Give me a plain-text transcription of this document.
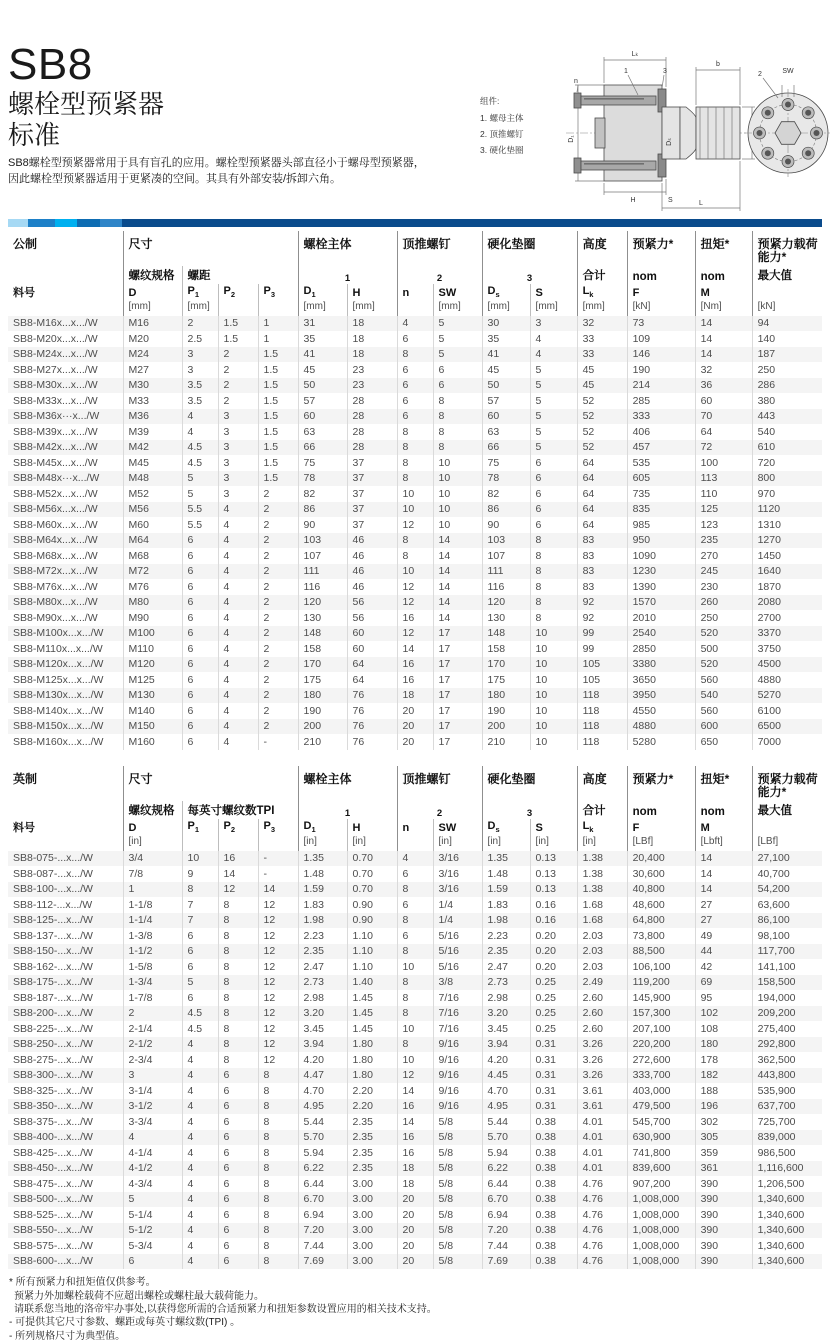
SB8
螺栓型预紧器
标准
SB8螺栓型预紧器常用于具有盲孔的应用。螺栓型预紧器头部直径小于螺母型预紧器，
因此螺栓型预紧器适用于更紧凑的空间。其具有外部安装/拆卸六角。
组件:
1. 螺母主体
2. 顶推螺钉
3. 硬化垫圈
D₁
Lₖ
b
1	3
n
Dₛ
H	S	L
2	SW
公制	尺寸				螺栓主体		顶推螺钉		硬化垫圈		高度	预紧力*	扭矩*	预紧力载荷能力*
	螺纹规格	螺距			1		2		3		合计	nom	nom	最大值
料号	D	$P_1$	$P_2$	$P_3$	$D_1$	H	n	SW	$D_s$	S	$L_k$	F	M	
	[mm]	[mm]			[mm]	[mm]		[mm]	[mm]	[mm]	[mm]	[kN]	[Nm]	[kN]
SB8-M16x...x.../W	M16	2	1.5	1	31	18	4	5	30	3	32	73	14	94
SB8-M20x...x.../W	M20	2.5	1.5	1	35	18	6	5	35	4	33	109	14	140
SB8-M24x...x.../W	M24	3	2	1.5	41	18	8	5	41	4	33	146	14	187
SB8-M27x...x.../W	M27	3	2	1.5	45	23	6	6	45	5	45	190	32	250
SB8-M30x...x.../W	M30	3.5	2	1.5	50	23	6	6	50	5	45	214	36	286
SB8-M33x...x.../W	M33	3.5	2	1.5	57	28	6	8	57	5	52	285	60	380
SB8-M36x···x.../W	M36	4	3	1.5	60	28	6	8	60	5	52	333	70	443
SB8-M39x...x.../W	M39	4	3	1.5	63	28	8	8	63	5	52	406	64	540
SB8-M42x...x.../W	M42	4.5	3	1.5	66	28	8	8	66	5	52	457	72	610
SB8-M45x...x.../W	M45	4.5	3	1.5	75	37	8	10	75	6	64	535	100	720
SB8-M48x···x.../W	M48	5	3	1.5	78	37	8	10	78	6	64	605	113	800
SB8-M52x...x.../W	M52	5	3	2	82	37	10	10	82	6	64	735	110	970
SB8-M56x...x.../W	M56	5.5	4	2	86	37	10	10	86	6	64	835	125	1120
SB8-M60x...x.../W	M60	5.5	4	2	90	37	12	10	90	6	64	985	123	1310
SB8-M64x...x.../W	M64	6	4	2	103	46	8	14	103	8	83	950	235	1270
SB8-M68x...x.../W	M68	6	4	2	107	46	8	14	107	8	83	1090	270	1450
SB8-M72x...x.../W	M72	6	4	2	111	46	10	14	111	8	83	1230	245	1640
SB8-M76x...x.../W	M76	6	4	2	116	46	12	14	116	8	83	1390	230	1870
SB8-M80x...x.../W	M80	6	4	2	120	56	12	14	120	8	92	1570	260	2080
SB8-M90x...x.../W	M90	6	4	2	130	56	16	14	130	8	92	2010	250	2700
SB8-M100x...x.../W	M100	6	4	2	148	60	12	17	148	10	99	2540	520	3370
SB8-M110x...x.../W	M110	6	4	2	158	60	14	17	158	10	99	2850	500	3750
SB8-M120x...x.../W	M120	6	4	2	170	64	16	17	170	10	105	3380	520	4500
SB8-M125x...x.../W	M125	6	4	2	175	64	16	17	175	10	105	3650	560	4880
SB8-M130x...x.../W	M130	6	4	2	180	76	18	17	180	10	118	3950	540	5270
SB8-M140x...x.../W	M140	6	4	2	190	76	20	17	190	10	118	4550	560	6100
SB8-M150x...x.../W	M150	6	4	2	200	76	20	17	200	10	118	4880	600	6500
SB8-M160x...x.../W	M160	6	4	-	210	76	20	17	210	10	118	5280	650	7000
英制	尺寸				螺栓主体		顶推螺钉		硬化垫圈		高度	预紧力*	扭矩*	预紧力载荷能力*
	螺纹规格	每英寸螺纹数TPI			1		2		3		合计	nom	nom	最大值
料号	D	$P_1$	$P_2$	$P_3$	$D_1$	H	n	SW	$D_s$	S	$L_k$	F	M	
	[in]				[in]	[in]		[in]	[in]	[in]	[in]	[LBf]	[Lbft]	[LBf]
SB8-075-...x.../W	3/4	10	16	-	1.35	0.70	4	3/16	1.35	0.13	1.38	20,400	14	27,100
SB8-087-...x.../W	7/8	9	14	-	1.48	0.70	6	3/16	1.48	0.13	1.38	30,600	14	40,700
SB8-100-...x.../W	1	8	12	14	1.59	0.70	8	3/16	1.59	0.13	1.38	40,800	14	54,200
SB8-112-...x.../W	1-1/8	7	8	12	1.83	0.90	6	1/4	1.83	0.16	1.68	48,600	27	63,600
SB8-125-...x.../W	1-1/4	7	8	12	1.98	0.90	8	1/4	1.98	0.16	1.68	64,800	27	86,100
SB8-137-...x.../W	1-3/8	6	8	12	2.23	1.10	6	5/16	2.23	0.20	2.03	73,800	49	98,100
SB8-150-...x.../W	1-1/2	6	8	12	2.35	1.10	8	5/16	2.35	0.20	2.03	88,500	44	117,700
SB8-162-...x.../W	1-5/8	6	8	12	2.47	1.10	10	5/16	2.47	0.20	2.03	106,100	42	141,100
SB8-175-...x.../W	1-3/4	5	8	12	2.73	1.40	8	3/8	2.73	0.25	2.49	119,200	69	158,500
SB8-187-...x.../W	1-7/8	6	8	12	2.98	1.45	8	7/16	2.98	0.25	2.60	145,900	95	194,000
SB8-200-...x.../W	2	4.5	8	12	3.20	1.45	8	7/16	3.20	0.25	2.60	157,300	102	209,200
SB8-225-...x.../W	2-1/4	4.5	8	12	3.45	1.45	10	7/16	3.45	0.25	2.60	207,100	108	275,400
SB8-250-...x.../W	2-1/2	4	8	12	3.94	1.80	8	9/16	3.94	0.31	3.26	220,200	180	292,800
SB8-275-...x.../W	2-3/4	4	8	12	4.20	1.80	10	9/16	4.20	0.31	3.26	272,600	178	362,500
SB8-300-...x.../W	3	4	6	8	4.47	1.80	12	9/16	4.45	0.31	3.26	333,700	182	443,800
SB8-325-...x.../W	3-1/4	4	6	8	4.70	2.20	14	9/16	4.70	0.31	3.61	403,000	188	535,900
SB8-350-...x.../W	3-1/2	4	6	8	4.95	2.20	16	9/16	4.95	0.31	3.61	479,500	196	637,700
SB8-375-...x.../W	3-3/4	4	6	8	5.44	2.35	14	5/8	5.44	0.38	4.01	545,700	302	725,700
SB8-400-...x.../W	4	4	6	8	5.70	2.35	16	5/8	5.70	0.38	4.01	630,900	305	839,000
SB8-425-...x.../W	4-1/4	4	6	8	5.94	2.35	16	5/8	5.94	0.38	4.01	741,800	359	986,500
SB8-450-...x.../W	4-1/2	4	6	8	6.22	2.35	18	5/8	6.22	0.38	4.01	839,600	361	1,116,600
SB8-475-...x.../W	4-3/4	4	6	8	6.44	3.00	18	5/8	6.44	0.38	4.76	907,200	390	1,206,500
SB8-500-...x.../W	5	4	6	8	6.70	3.00	20	5/8	6.70	0.38	4.76	1,008,000	390	1,340,600
SB8-525-...x.../W	5-1/4	4	6	8	6.94	3.00	20	5/8	6.94	0.38	4.76	1,008,000	390	1,340,600
SB8-550-...x.../W	5-1/2	4	6	8	7.20	3.00	20	5/8	7.20	0.38	4.76	1,008,000	390	1,340,600
SB8-575-...x.../W	5-3/4	4	6	8	7.44	3.00	20	5/8	7.44	0.38	4.76	1,008,000	390	1,340,600
SB8-600-...x.../W	6	4	6	8	7.69	3.00	20	5/8	7.69	0.38	4.76	1,008,000	390	1,340,600
* 所有预紧力和扭矩值仅供参考。
预紧力外加螺栓载荷不应超出螺栓或螺柱最大载荷能力。
请联系您当地的洛帝牢办事处,以获得您所需的合适预紧力和扭矩参数设置应用的相关技术支持。
- 可提供其它尺寸参数、螺距或每英寸螺纹数(TPI) 。
- 所列规格尺寸为典型值。
